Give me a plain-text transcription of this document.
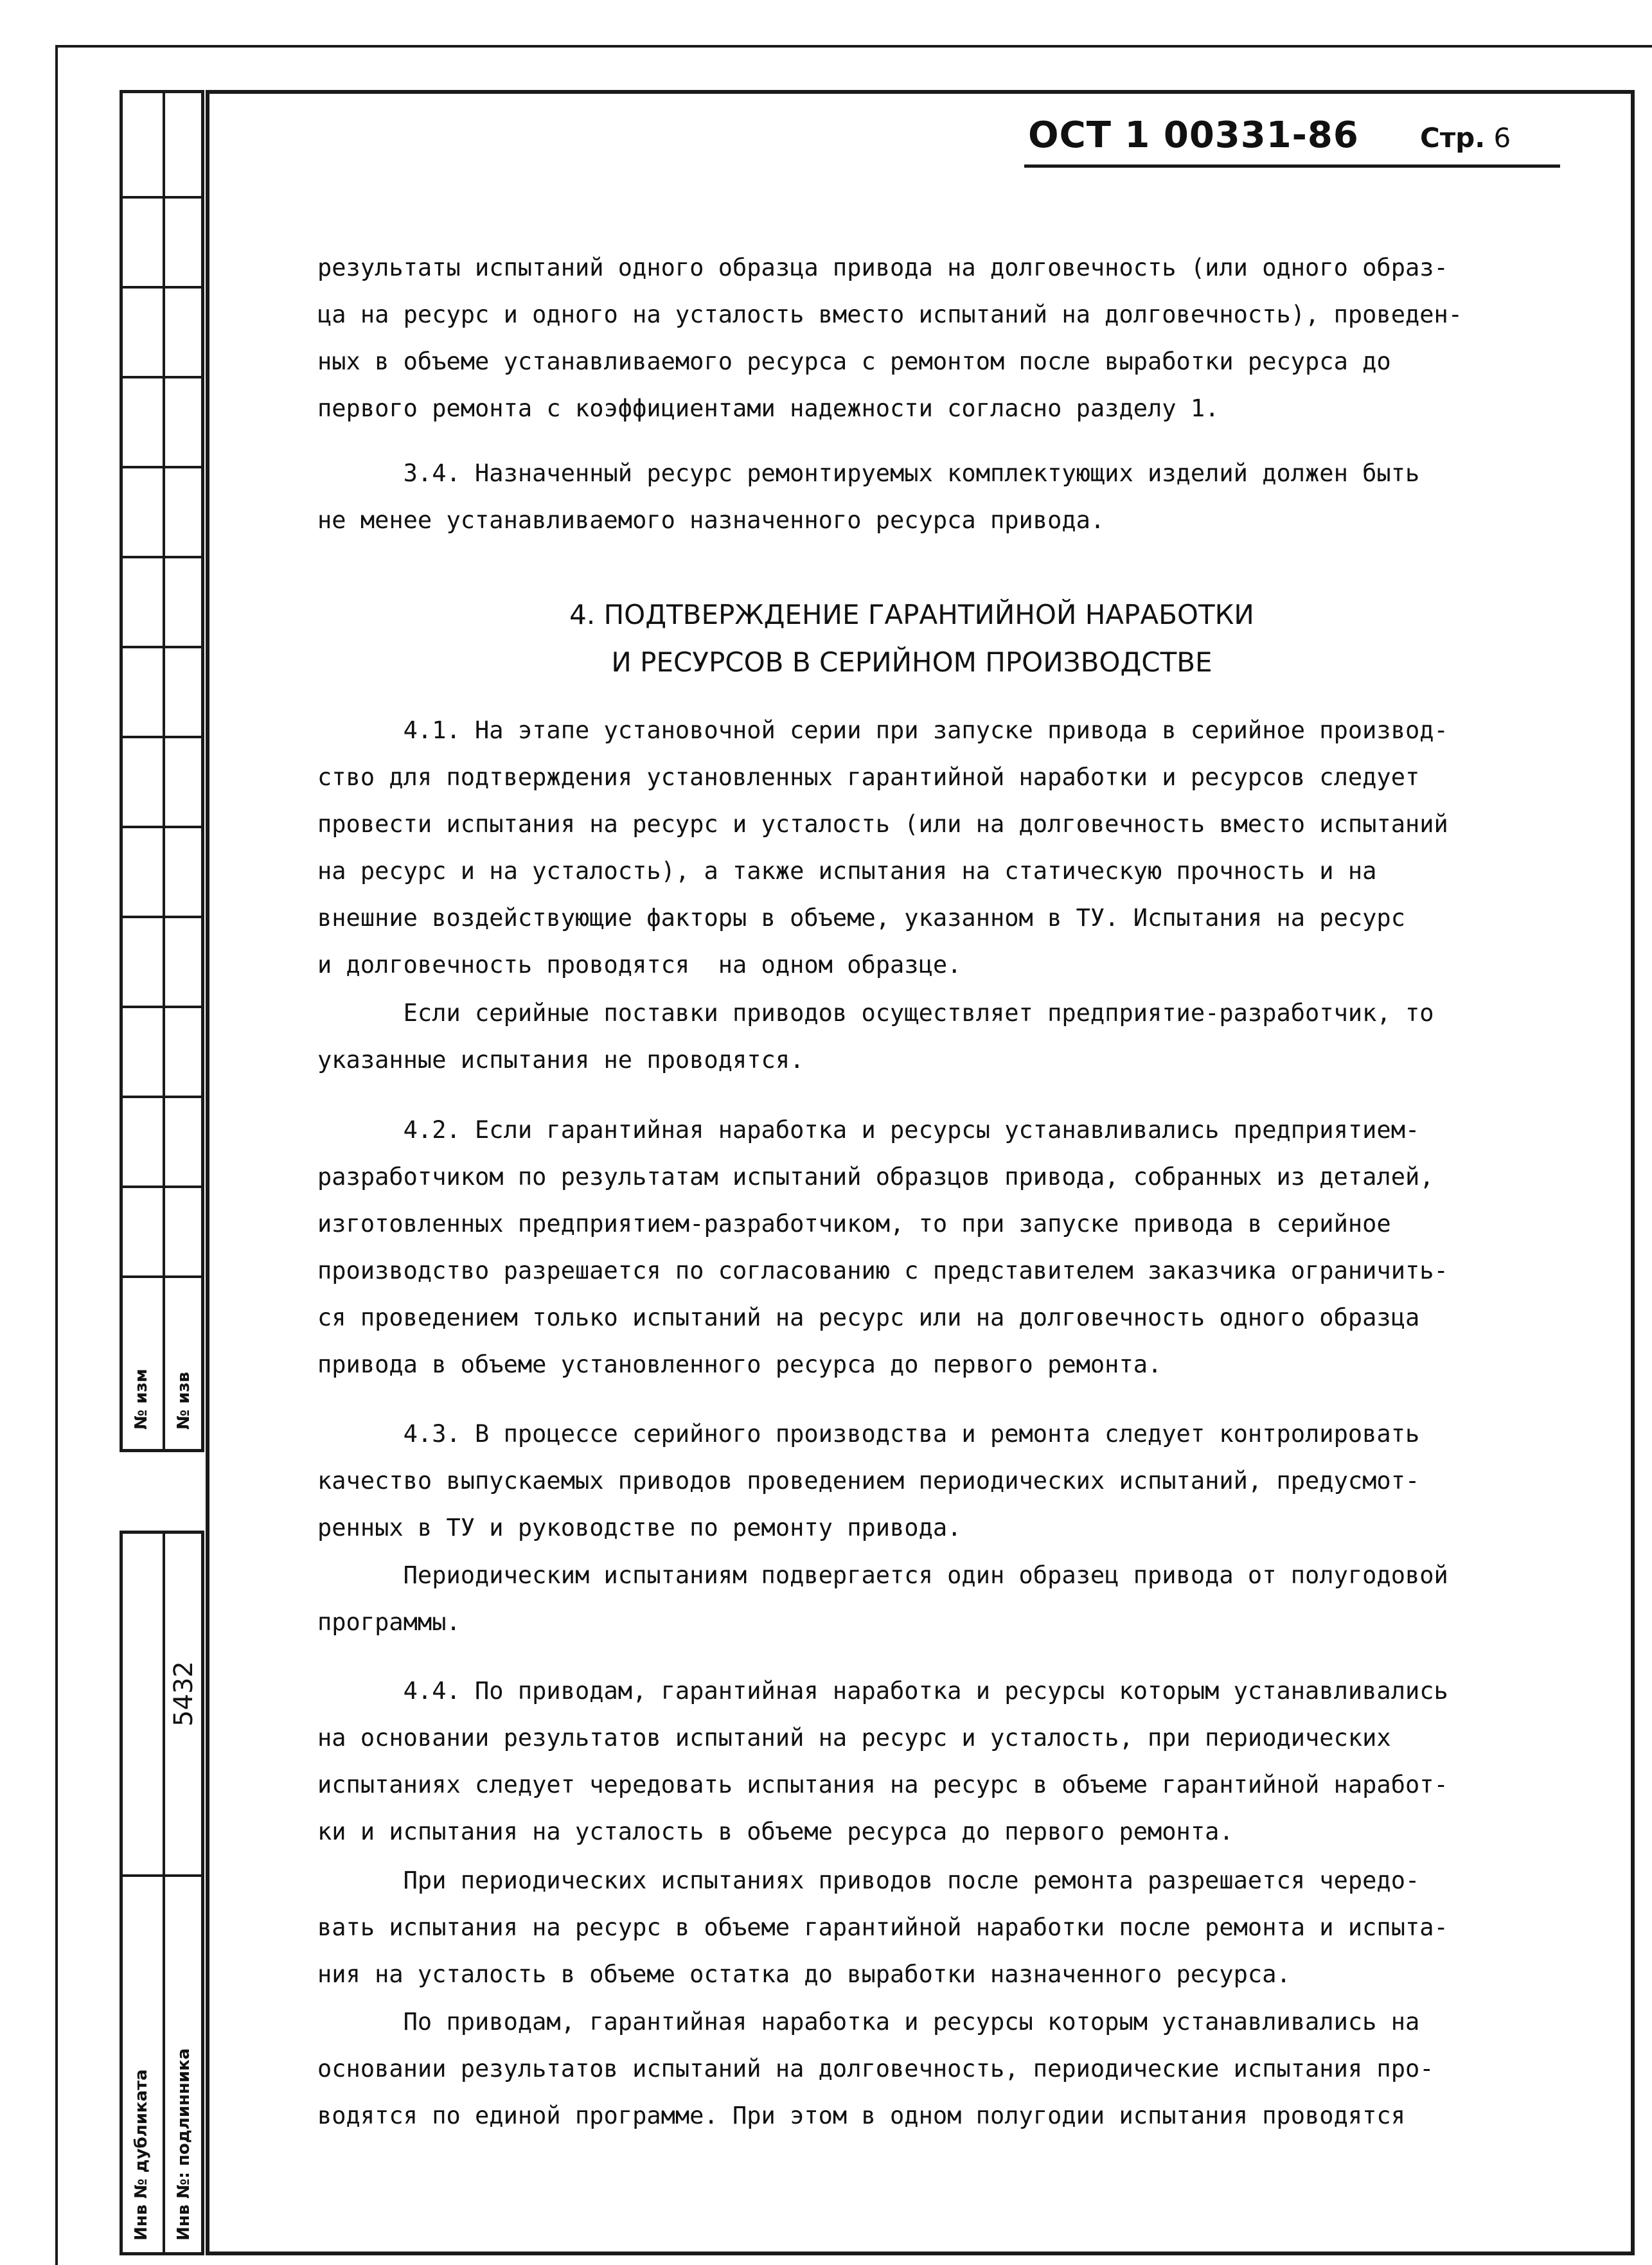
№ изм № изв
5432
Инв № дубликата Инв №: подлинника
ОСТ 1 00331-86 Стр. 6
результаты испытаний одного образца привода на долговечность (или одного образ-
ца на ресурс и одного на усталость вместо испытаний на долговечность), проведен-
ных в объеме устанавливаемого ресурса с ремонтом после выработки ресурса до
первого ремонта с коэффициентами надежности согласно разделу 1.
3.4. Назначенный ресурс ремонтируемых комплектующих изделий должен быть
не менее устанавливаемого назначенного ресурса привода.
4. ПОДТВЕРЖДЕНИЕ ГАРАНТИЙНОЙ НАРАБОТКИ
И РЕСУРСОВ В СЕРИЙНОМ ПРОИЗВОДСТВЕ
4.1. На этапе установочной серии при запуске привода в серийное производ-
ство для подтверждения установленных гарантийной наработки и ресурсов следует
провести испытания на ресурс и усталость (или на долговечность вместо испытаний
на ресурс и на усталость), а также испытания на статическую прочность и на
внешние воздействующие факторы в объеме, указанном в ТУ. Испытания на ресурс
и долговечность проводятся  на одном образце.
Если серийные поставки приводов осуществляет предприятие-разработчик, то
указанные испытания не проводятся.
4.2. Если гарантийная наработка и ресурсы устанавливались предприятием-
разработчиком по результатам испытаний образцов привода, собранных из деталей,
изготовленных предприятием-разработчиком, то при запуске привода в серийное
производство разрешается по согласованию с представителем заказчика ограничить-
ся проведением только испытаний на ресурс или на долговечность одного образца
привода в объеме установленного ресурса до первого ремонта.
4.3. В процессе серийного производства и ремонта следует контролировать
качество выпускаемых приводов проведением периодических испытаний, предусмот-
ренных в ТУ и руководстве по ремонту привода.
Периодическим испытаниям подвергается один образец привода от полугодовой
программы.
4.4. По приводам, гарантийная наработка и ресурсы которым устанавливались
на основании результатов испытаний на ресурс и усталость, при периодических
испытаниях следует чередовать испытания на ресурс в объеме гарантийной наработ-
ки и испытания на усталость в объеме ресурса до первого ремонта.
При периодических испытаниях приводов после ремонта разрешается чередо-
вать испытания на ресурс в объеме гарантийной наработки после ремонта и испыта-
ния на усталость в объеме остатка до выработки назначенного ресурса.
По приводам, гарантийная наработка и ресурсы которым устанавливались на
основании результатов испытаний на долговечность, периодические испытания про-
водятся по единой программе. При этом в одном полугодии испытания проводятся
